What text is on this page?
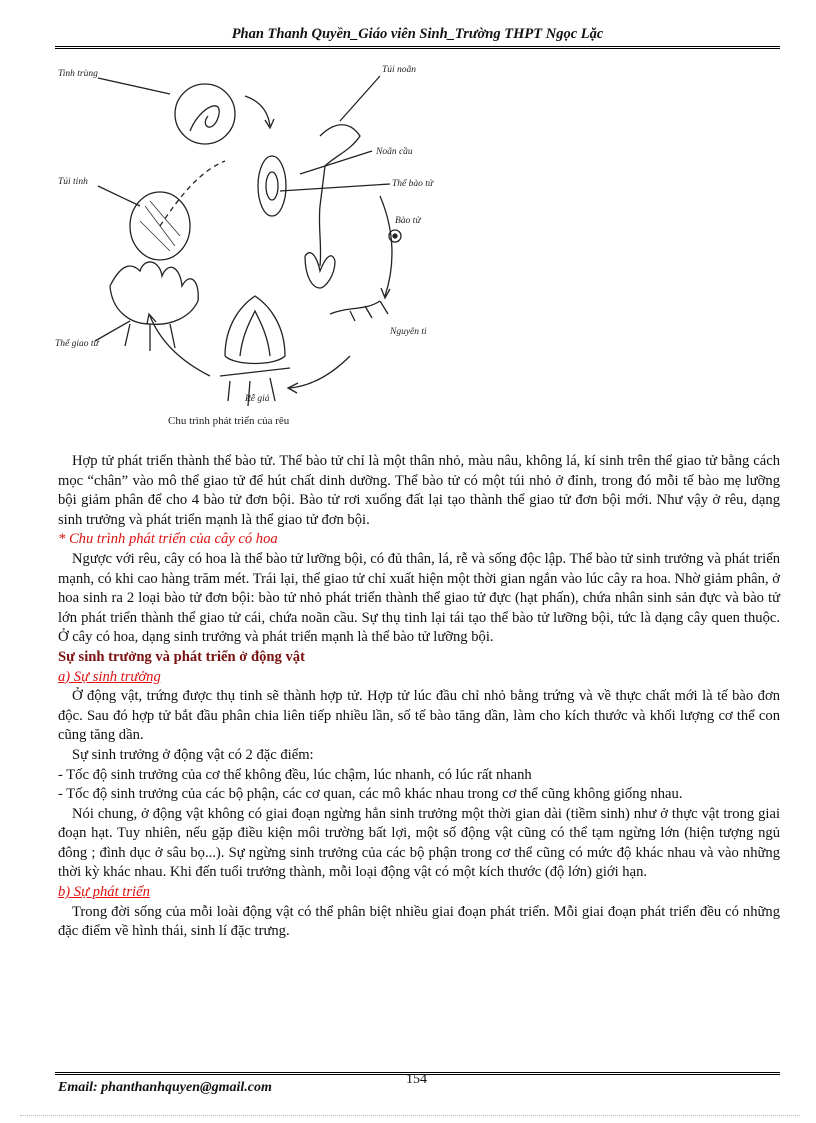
Phan Thanh Quyền_Giáo viên Sinh_Trường THPT Ngọc Lặc
Tinh trùng	Túi noãn
Noãn cầu
Thể bào tử
Túi tinh
Bào tử
Nguyên ti
Thể giao tử
Rễ giả
Chu trình phát triển của rêu

Hợp tử phát triển thành thể bào tử. Thể bào tử chỉ là một thân nhỏ, màu nâu, không lá, kí sinh trên thể giao tử bằng cách mọc “chân” vào mô thể giao tử để hút chất dinh dưỡng. Thể bào tử có một túi nhỏ ở đỉnh, trong đó mỗi tế bào mẹ lưỡng bội giảm phân để cho 4 bào tử đơn bội. Bào tử rơi xuống đất lại tạo thành thể giao tử đơn bội mới. Như vậy ở rêu, dạng sinh trưởng và phát triển mạnh là thể giao tử đơn bội.

* Chu trình phát triển của cây có hoa

Ngược với rêu, cây có hoa là thể bào tử lưỡng bội, có đủ thân, lá, rễ và sống độc lập. Thể bào tử sinh trưởng và phát triển mạnh, có khi cao hàng trăm mét. Trái lại, thể giao tử chỉ xuất hiện một thời gian ngắn vào lúc cây ra hoa. Nhờ giảm phân, ở hoa sinh ra 2 loại bào tử đơn bội: bào tử nhỏ phát triển thành thể giao tử đực (hạt phấn), chứa nhân sinh sản đực và bào tử lớn phát triển thành thể giao tử cái, chứa noãn cầu. Sự thụ tinh lại tái tạo thể bào tử lưỡng bội, tức là dạng cây quen thuộc. Ở cây có hoa, dạng sinh trưởng và phát triển mạnh là thể bào tử lưỡng bội.

Sự sinh trưởng và phát triển ở động vật

a) Sự sinh trưởng

Ở động vật, trứng được thụ tinh sẽ thành hợp tử. Hợp tử lúc đầu chỉ nhỏ bằng trứng và về thực chất mới là tế bào đơn độc. Sau đó hợp tử bắt đầu phân chia liên tiếp nhiều lần, số tế bào tăng dần, làm cho kích thước và khối lượng cơ thể con cũng tăng dần.

Sự sinh trưởng ở động vật có 2 đặc điểm:

- Tốc độ sinh trưởng của cơ thể không đều, lúc chậm, lúc nhanh, có lúc rất nhanh

- Tốc độ sinh trưởng của các bộ phận, các cơ quan, các mô khác nhau trong cơ thể cũng không giống nhau.

Nói chung, ở động vật không có giai đoạn ngừng hẳn sinh trưởng một thời gian dài (tiềm sinh) như ở thực vật trong giai đoạn hạt. Tuy nhiên, nếu gặp điều kiện môi trường bất lợi, một số động vật cũng có thể tạm ngừng lớn (hiện tượng ngủ đông ; đình dục ở sâu bọ...). Sự ngừng sinh trưởng của các bộ phận trong cơ thể cũng có mức độ khác nhau và vào những thời kỳ khác nhau. Khi đến tuổi trưởng thành, mỗi loại động vật có một kích thước (độ lớn) giới hạn.

b) Sự phát triển

Trong đời sống của mỗi loài động vật có thể phân biệt nhiều giai đoạn phát triển. Mỗi giai đoạn phát triển đều có những đặc điểm về hình thái, sinh lí đặc trưng.

154
Email: phanthanhquyen@gmail.com
